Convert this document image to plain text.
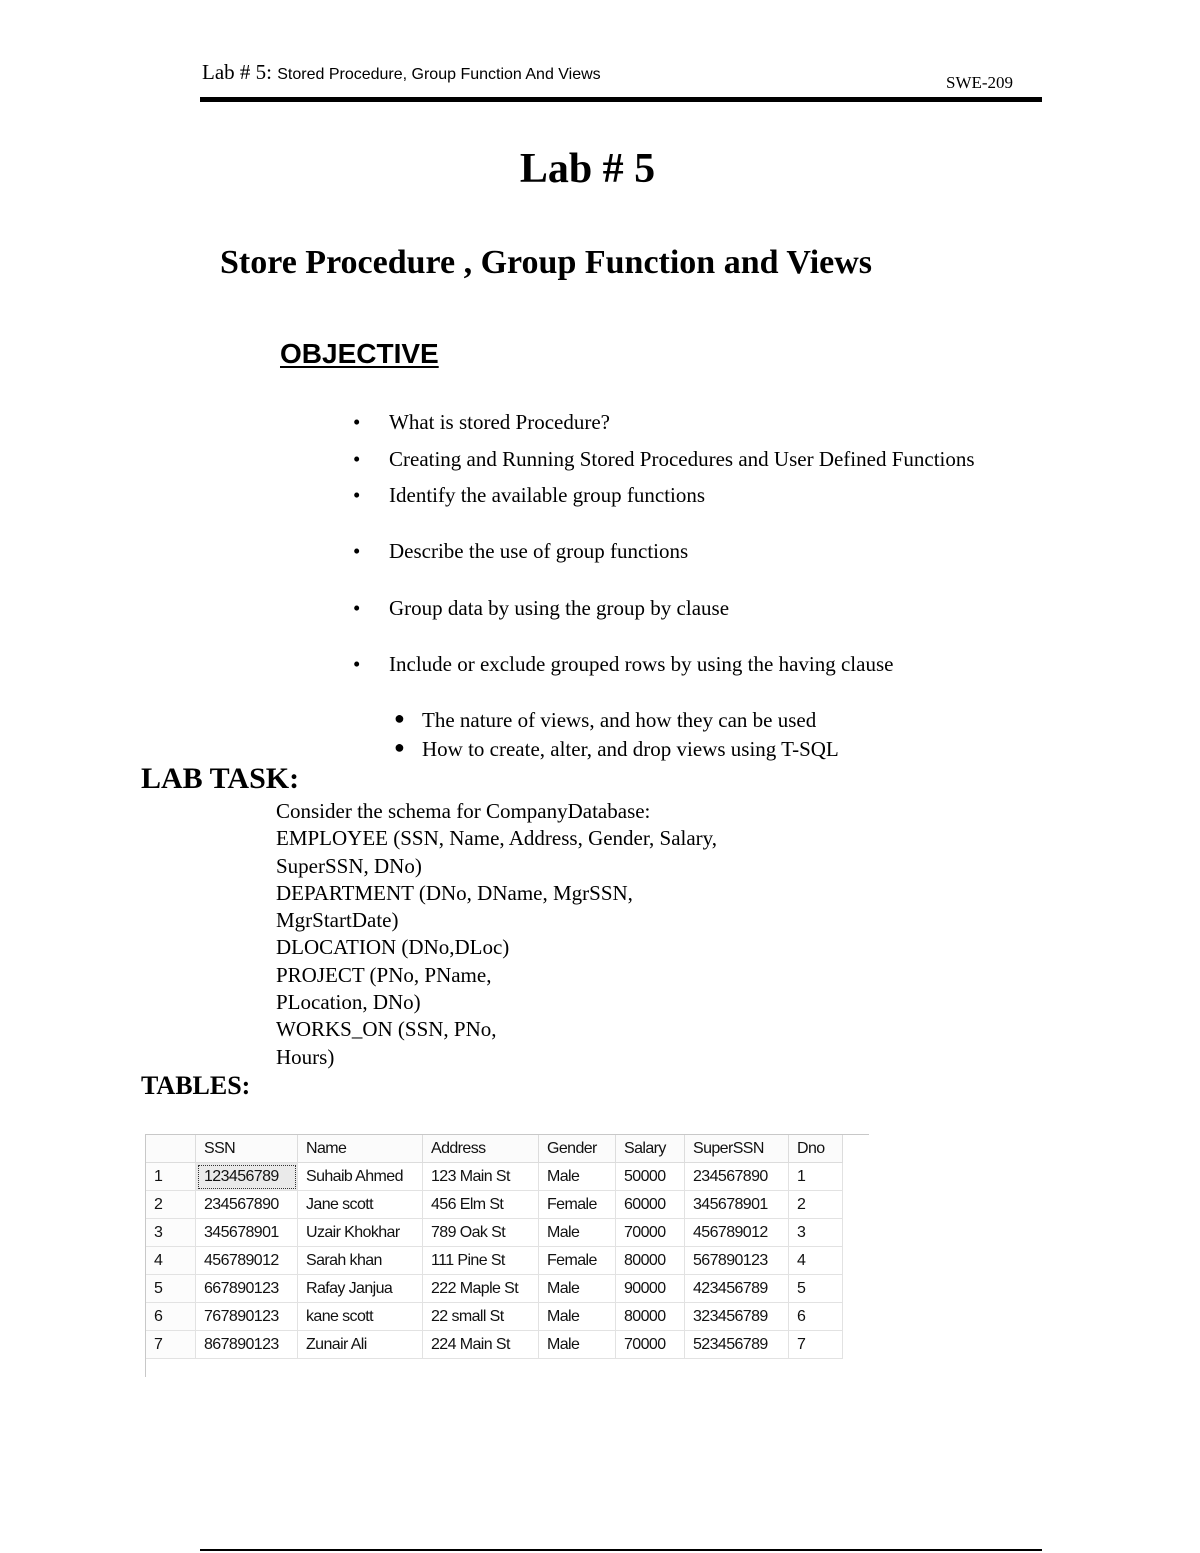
Lab # 5: Stored Procedure, Group Function And Views	SWE-209
Lab # 5
Store Procedure , Group Function and Views
OBJECTIVE
• What is stored Procedure?
• Creating and Running Stored Procedures and User Defined Functions
• Identify the available group functions
• Describe the use of group functions
• Group data by using the group by clause
• Include or exclude grouped rows by using the having clause
● The nature of views, and how they can be used
● How to create, alter, and drop views using T-SQL
LAB TASK:
Consider the schema for CompanyDatabase:
EMPLOYEE (SSN, Name, Address, Gender, Salary,
SuperSSN, DNo)
DEPARTMENT (DNo, DName, MgrSSN,
MgrStartDate)
DLOCATION (DNo,DLoc)
PROJECT (PNo, PName,
PLocation, DNo)
WORKS_ON (SSN, PNo,
Hours)
TABLES:
	SSN	Name	Address	Gender	Salary	SuperSSN	Dno
1	123456789	Suhaib Ahmed	123 Main St	Male	50000	234567890	1
2	234567890	Jane scott	456 Elm St	Female	60000	345678901	2
3	345678901	Uzair Khokhar	789 Oak St	Male	70000	456789012	3
4	456789012	Sarah khan	111 Pine St	Female	80000	567890123	4
5	667890123	Rafay Janjua	222 Maple St	Male	90000	423456789	5
6	767890123	kane scott	22 small St	Male	80000	323456789	6
7	867890123	Zunair Ali	224 Main St	Male	70000	523456789	7
